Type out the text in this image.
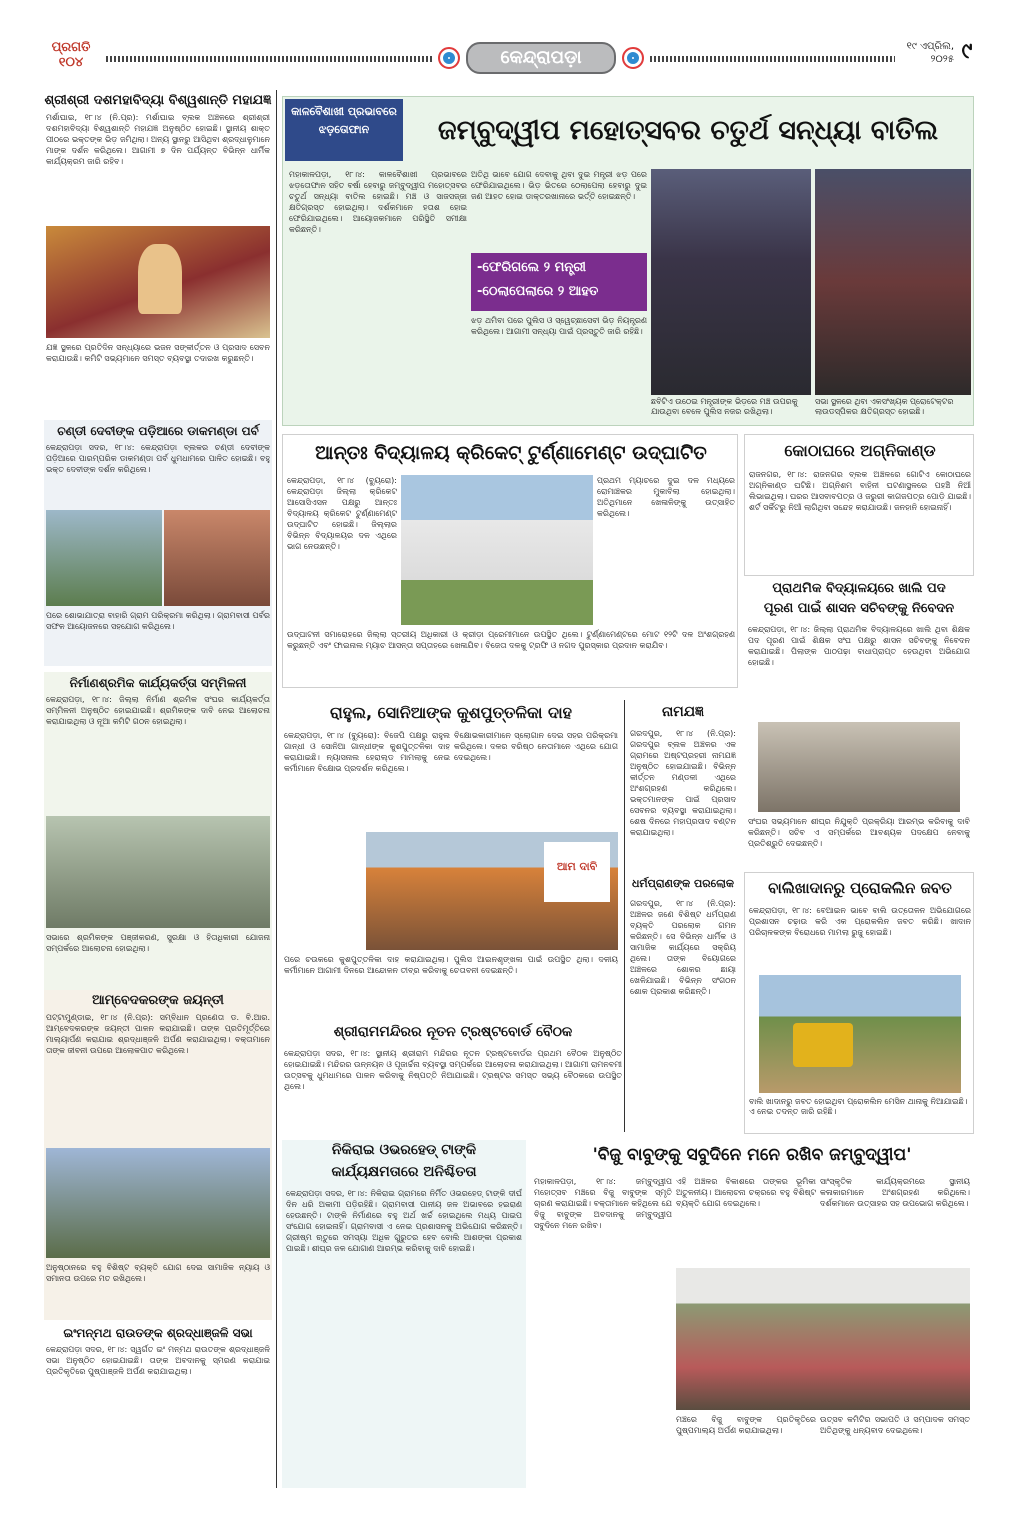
ପ୍ରଗତି ୧୦୪	କେନ୍ଦ୍ରାପଡ଼ା
୧୯ ଏପ୍ରିଲ,
୨୦୨୫ ୯
ଶ୍ରୀଶ୍ରୀ ଦଶମହାବିଦ୍ୟା ବିଶ୍ୱଶାନ୍ତି ମହାଯଜ୍ଞ
ମର୍ଶାଘାଇ, ୧୮।୪ (ନି.ପ୍ର): ମର୍ଶାଘାଇ ବ୍ଲକ ଅଞ୍ଚଳରେ ଶ୍ରୀଶ୍ରୀ ଦଶମହାବିଦ୍ୟା ବିଶ୍ୱଶାନ୍ତି ମହାଯଜ୍ଞ ଅନୁଷ୍ଠିତ ହୋଇଛି। ସ୍ଥାନୀୟ ଶାକ୍ତ ପୀଠରେ ଭକ୍ତଙ୍କ ଭିଡ଼ ଜମିଥିଲା। ଅନ୍ୟ ସ୍ଥାନରୁ ଆସିଥିବା ଶ୍ରଦ୍ଧାଳୁମାନେ ମାଙ୍କ ଦର୍ଶନ କରିଥିଲେ। ଆଗାମୀ ୭ ଦିନ ପର୍ଯ୍ୟନ୍ତ ବିଭିନ୍ନ ଧାର୍ମିକ କାର୍ଯ୍ୟକ୍ରମ ଜାରି ରହିବ।
ଯଜ୍ଞ ସ୍ଥଳରେ ପ୍ରତିଦିନ ସନ୍ଧ୍ୟାରେ ଭଜନ ସଙ୍କୀର୍ତ୍ତନ ଓ ପ୍ରସାଦ ସେବନ କରାଯାଉଛି। କମିଟି ସଭ୍ୟମାନେ ସମସ୍ତ ବ୍ୟବସ୍ଥା ତଦାରଖ କରୁଛନ୍ତି।
ଚଣ୍ଡୀ ଦେବୀଙ୍କ ପଡ଼ିଆରେ ଡାକମଣ୍ଡା ପର୍ବ
କେନ୍ଦ୍ରାପଡ଼ା ସଦର, ୧୮।୪: କେନ୍ଦ୍ରାପଡ଼ା ବ୍ଲକର ଚଣ୍ଡୀ ଦେବୀଙ୍କ ପଡ଼ିଆରେ ପାରମ୍ପରିକ ଡାକମଣ୍ଡା ପର୍ବ ଧୁମଧାମରେ ପାଳିତ ହୋଇଛି। ବହୁ ଭକ୍ତ ଦେବୀଙ୍କ ଦର୍ଶନ କରିଥିଲେ।
ପରେ ଶୋଭାଯାତ୍ରା ବାହାରି ଗ୍ରାମ ପରିକ୍ରମା କରିଥିଲା। ଗ୍ରାମବାସୀ ପର୍ବର ସଫଳ ଆୟୋଜନରେ ସହଯୋଗ କରିଥିଲେ।
ନିର୍ମାଣଶ୍ରମିକ କାର୍ଯ୍ୟକର୍ତ୍ତା ସମ୍ମିଳନୀ
କେନ୍ଦ୍ରାପଡ଼ା, ୧୮।୪: ଜିଲ୍ଲା ନିର୍ମାଣ ଶ୍ରମିକ ସଂଘର କାର୍ଯ୍ୟକର୍ତ୍ତା ସମ୍ମିଳନୀ ଅନୁଷ୍ଠିତ ହୋଇଯାଇଛି। ଶ୍ରମିକଙ୍କ ଦାବି ନେଇ ଆଲୋଚନା କରାଯାଇଥିଲା ଓ ନୂଆ କମିଟି ଗଠନ ହୋଇଥିଲା।
ସଭାରେ ଶ୍ରମିକଙ୍କ ପଞ୍ଜୀକରଣ, ସୁରକ୍ଷା ଓ ହିତାଧିକାରୀ ଯୋଜନା ସମ୍ପର୍କରେ ଆଲୋଚନା ହୋଇଥିଲା।
ଆମ୍ବେଦକରଙ୍କ ଜୟନ୍ତୀ
ପଟ୍ଟାମୁଣ୍ଡାଇ, ୧୮।୪ (ନି.ପ୍ର): ସମ୍ବିଧାନ ପ୍ରଣେତା ଡ. ବି.ଆର. ଆମ୍ବେଦକରଙ୍କ ଜୟନ୍ତୀ ପାଳନ କରାଯାଇଛି। ତାଙ୍କ ପ୍ରତିମୂର୍ତ୍ତିରେ ମାଲ୍ୟାର୍ପଣ କରାଯାଇ ଶ୍ରଦ୍ଧାଞ୍ଜଳି ଅର୍ପଣ କରାଯାଇଥିଲା। ବକ୍ତାମାନେ ତାଙ୍କ ଜୀବନୀ ଉପରେ ଆଲୋକପାତ କରିଥିଲେ।
ଅନୁଷ୍ଠାନରେ ବହୁ ବିଶିଷ୍ଟ ବ୍ୟକ୍ତି ଯୋଗ ଦେଇ ସାମାଜିକ ନ୍ୟାୟ ଓ ସମାନତା ଉପରେ ମତ ରଖିଥିଲେ।
ଇଂମନ୍ମଥ ରାଉତଙ୍କ ଶ୍ରଦ୍ଧାଞ୍ଜଳି ସଭା
କେନ୍ଦ୍ରାପଡ଼ା ସଦର, ୧୮।୪: ସ୍ୱର୍ଗତ ଇଂ ମନ୍ମଥ ରାଉତଙ୍କ ଶ୍ରଦ୍ଧାଞ୍ଜଳି ସଭା ଅନୁଷ୍ଠିତ ହୋଇଯାଇଛି। ତାଙ୍କ ଅବଦାନକୁ ସ୍ମରଣ କରାଯାଇ ପ୍ରତିକୃତିରେ ପୁଷ୍ପାଞ୍ଜଳି ଅର୍ପଣ କରାଯାଇଥିଲା।
କାଳବୈଶାଖୀ ପ୍ରଭାବରେ ଝଡ଼ତୋଫାନ	ଜମ୍ବୁଦ୍ୱୀପ ମହୋତ୍ସବର ଚତୁର୍ଥ ସନ୍ଧ୍ୟା ବାତିଲ
ମହାକାଳପଡ଼ା, ୧୮।୪: କାଳବୈଶାଖୀ ପ୍ରଭାବରେ ଝଡ଼ତୋଫାନ ସହିତ ବର୍ଷା ହେବାରୁ ଜମ୍ବୁଦ୍ୱୀପ ମହୋତ୍ସବର ଚତୁର୍ଥ ସନ୍ଧ୍ୟା ବାତିଲ ହୋଇଛି। ମଞ୍ଚ ଓ ସାଜସଜ୍ଜା କ୍ଷତିଗ୍ରସ୍ତ ହୋଇଥିଲା। ଦର୍ଶକମାନେ ହତାଶ ହୋଇ ଫେରିଯାଇଥିଲେ। ଆୟୋଜକମାନେ ପରିସ୍ଥିତି ସମୀକ୍ଷା କରିଛନ୍ତି।
ଅତିଥି ଭାବେ ଯୋଗ ଦେବାକୁ ଥିବା ଦୁଇ ମନ୍ତ୍ରୀ ଝଡ଼ ପରେ ଫେରିଯାଇଥିଲେ। ଭିଡ଼ ଭିତରେ ଠେଲାପେଲା ହେବାରୁ ଦୁଇ ଜଣ ଆହତ ହୋଇ ଡାକ୍ତରଖାନାରେ ଭର୍ତ୍ତି ହୋଇଛନ୍ତି।
-ଫେରିଗଲେ ୨ ମନ୍ତ୍ରୀ
-ଠେଲାପେଲାରେ ୨ ଆହତ
ଝଡ଼ ଥମିବା ପରେ ପୁଲିସ ଓ ସ୍ୱେଚ୍ଛାସେବୀ ଭିଡ଼ ନିୟନ୍ତ୍ରଣ କରିଥିଲେ। ଆଗାମୀ ସନ୍ଧ୍ୟା ପାଇଁ ପ୍ରସ୍ତୁତି ଜାରି ରହିଛି।
ଛବିଟିଏ ଉଠେଇ ମନ୍ତ୍ରୀଙ୍କ ଭିଡ଼ରେ ମଞ୍ଚ ଉପରକୁ ଯାଉଥିବା ବେଳେ ପୁଲିସ ନଜର ରଖିଥିଲା।
ସଭା ସ୍ଥଳରେ ଥିବା ଏକସଂଖ୍ୟକ ପ୍ରୋଟେକ୍ଟର ଲାଉଡସ୍ପିକର କ୍ଷତିଗ୍ରସ୍ତ ହୋଇଛି।
ଆନ୍ତଃ ବିଦ୍ୟାଳୟ କ୍ରିକେଟ୍ ଟୁର୍ଣ୍ଣାମେଣ୍ଟ ଉଦ୍‌ଘାଟିତ
କେନ୍ଦ୍ରାପଡ଼ା, ୧୮।୪ (ବ୍ୟୁରୋ): କେନ୍ଦ୍ରାପଡ଼ା ଜିଲ୍ଲା କ୍ରିକେଟ ଆସୋସିଏସନ ପକ୍ଷରୁ ଆନ୍ତଃ ବିଦ୍ୟାଳୟ କ୍ରିକେଟ ଟୁର୍ଣ୍ଣାମେଣ୍ଟ ଉଦ୍‌ଘାଟିତ ହୋଇଛି। ଜିଲ୍ଲାର ବିଭିନ୍ନ ବିଦ୍ୟାଳୟର ଦଳ ଏଥିରେ ଭାଗ ନେଉଛନ୍ତି।
ପ୍ରଥମ ମ୍ୟାଚରେ ଦୁଇ ଦଳ ମଧ୍ୟରେ ରୋମାଞ୍ଚକର ମୁକାବିଲା ହୋଇଥିଲା। ଅତିଥିମାନେ ଖେଳାଳିଙ୍କୁ ଉତ୍ସାହିତ କରିଥିଲେ।
ଉଦ୍‌ଘାଟନୀ ସମାରୋହରେ ଜିଲ୍ଲା ସ୍ତରୀୟ ଅଧିକାରୀ ଓ କ୍ରୀଡ଼ା ପ୍ରେମୀମାନେ ଉପସ୍ଥିତ ଥିଲେ। ଟୁର୍ଣ୍ଣାମେଣ୍ଟରେ ମୋଟ ୧୨ଟି ଦଳ ଅଂଶଗ୍ରହଣ କରୁଛନ୍ତି ଏବଂ ଫାଇନାଲ ମ୍ୟାଚ ଆସନ୍ତା ସପ୍ତାହରେ ଖେଳାଯିବ। ବିଜେତା ଦଳକୁ ଟ୍ରଫି ଓ ନଗଦ ପୁରସ୍କାର ପ୍ରଦାନ କରାଯିବ।
କୋଠାଘରେ ଅଗ୍ନିକାଣ୍ଡ
ରାଜନଗର, ୧୮।୪: ରାଜନଗର ବ୍ଲକ ଅଞ୍ଚଳରେ ଗୋଟିଏ କୋଠାଘରେ ଅଗ୍ନିକାଣ୍ଡ ଘଟିଛି। ଅଗ୍ନିଶମ ବାହିନୀ ଘଟଣାସ୍ଥଳରେ ପହଞ୍ଚି ନିଆଁ ଲିଭାଇଥିଲା। ଘରର ଆସବାବପତ୍ର ଓ ଜରୁରୀ କାଗଜପତ୍ର ପୋଡ଼ି ଯାଇଛି। ଶର୍ଟ ସର୍କିଟରୁ ନିଆଁ ଲାଗିଥିବା ସନ୍ଦେହ କରାଯାଉଛି। ଜନହାନି ହୋଇନାହିଁ।
ପ୍ରାଥମିକ ବିଦ୍ୟାଳୟରେ ଖାଲି ପଦ
ପୂରଣ ପାଇଁ ଶାସନ ସଚିବଙ୍କୁ ନିବେଦନ
କେନ୍ଦ୍ରାପଡ଼ା, ୧୮।୪: ଜିଲ୍ଲା ପ୍ରାଥମିକ ବିଦ୍ୟାଳୟରେ ଖାଲି ଥିବା ଶିକ୍ଷକ ପଦ ପୂରଣ ପାଇଁ ଶିକ୍ଷକ ସଂଘ ପକ୍ଷରୁ ଶାସନ ସଚିବଙ୍କୁ ନିବେଦନ କରାଯାଇଛି। ପିଲାଙ୍କ ପାଠପଢ଼ା ବାଧାପ୍ରାପ୍ତ ହେଉଥିବା ଅଭିଯୋଗ ହୋଇଛି।
ସଂଘର ସଭ୍ୟମାନେ ଶୀଘ୍ର ନିଯୁକ୍ତି ପ୍ରକ୍ରିୟା ଆରମ୍ଭ କରିବାକୁ ଦାବି କରିଛନ୍ତି। ସଚିବ ଏ ସମ୍ପର୍କରେ ଆବଶ୍ୟକ ପଦକ୍ଷେପ ନେବାକୁ ପ୍ରତିଶ୍ରୁତି ଦେଇଛନ୍ତି।
ବାଲିଖାଦାନରୁ ପ୍ରୋକଲିନ ଜବତ
କେନ୍ଦ୍ରାପଡ଼ା, ୧୮।୪: ବେଆଇନ ଭାବେ ବାଲି ଉତ୍ତୋଳନ ଅଭିଯୋଗରେ ପ୍ରଶାସନ ଚଢ଼ାଉ କରି ଏକ ପ୍ରୋକଲିନ ଜବତ କରିଛି। ଖାଦାନ ପରିଚାଳକଙ୍କ ବିରୋଧରେ ମାମଲା ରୁଜୁ ହୋଇଛି।
ବାଲି ଖାଦାନରୁ ଜବତ ହୋଇଥିବା ପ୍ରୋକଲିନ ମେସିନ ଥାନାକୁ ନିଆଯାଇଛି। ଏ ନେଇ ତଦନ୍ତ ଜାରି ରହିଛି।
ରାହୁଲ, ସୋନିଆଙ୍କ କୁଶପୁତ୍ତଳିକା ଦାହ
କେନ୍ଦ୍ରାପଡ଼ା, ୧୮।୪ (ବ୍ୟୁରୋ): ବିଜେପି ପକ୍ଷରୁ ରାହୁଲ ଗାନ୍ଧୀ ଓ ସୋନିଆ ଗାନ୍ଧୀଙ୍କ କୁଶପୁତ୍ତଳିକା ଦାହ କରାଯାଇଛି। ନ୍ୟାସନାଲ ହେରାଲ୍ଡ ମାମଲାକୁ ନେଇ କର୍ମୀମାନେ ବିକ୍ଷୋଭ ପ୍ରଦର୍ଶନ କରିଥିଲେ।
ବିକ୍ଷୋଭକାରୀମାନେ ସ୍ଲୋଗାନ ଦେଇ ସହର ପରିକ୍ରମା କରିଥିଲେ। ଦଳର ବରିଷ୍ଠ ନେତାମାନେ ଏଥିରେ ଯୋଗ ଦେଇଥିଲେ।
ଆମ ଦାବି
ପରେ ଚଉକରେ କୁଶପୁତ୍ତଳିକା ଦାହ କରାଯାଇଥିଲା। ପୁଲିସ ଆଇନଶୃଙ୍ଖଳା ପାଇଁ ଉପସ୍ଥିତ ଥିଲା। ଦଳୀୟ କର୍ମୀମାନେ ଆଗାମୀ ଦିନରେ ଆନ୍ଦୋଳନ ତୀବ୍ର କରିବାକୁ ଚେତାବନୀ ଦେଇଛନ୍ତି।
ନାମଯଜ୍ଞ
ଗରଦପୁର, ୧୮।୪ (ନି.ପ୍ର): ଗରଦପୁର ବ୍ଲକ ଅଞ୍ଚଳର ଏକ ଗ୍ରାମରେ ଅଷ୍ଟପ୍ରହରୀ ନାମଯଜ୍ଞ ଅନୁଷ୍ଠିତ ହୋଇଯାଇଛି। ବିଭିନ୍ନ କୀର୍ତ୍ତନ ମଣ୍ଡଳୀ ଏଥିରେ ଅଂଶଗ୍ରହଣ କରିଥିଲେ। ଭକ୍ତମାନଙ୍କ ପାଇଁ ପ୍ରସାଦ ସେବନର ବ୍ୟବସ୍ଥା କରାଯାଇଥିଲା। ଶେଷ ଦିନରେ ମହାପ୍ରସାଦ ବଣ୍ଟନ କରାଯାଇଥିଲା।
ଧର୍ମପ୍ରାଣଙ୍କ ପରଲୋକ
ଗରଦପୁର, ୧୮।୪ (ନି.ପ୍ର): ଅଞ୍ଚଳର ଜଣେ ବିଶିଷ୍ଟ ଧର୍ମପ୍ରାଣ ବ୍ୟକ୍ତି ପରଲୋକ ଗମନ କରିଛନ୍ତି। ସେ ବିଭିନ୍ନ ଧାର୍ମିକ ଓ ସାମାଜିକ କାର୍ଯ୍ୟରେ ସକ୍ରିୟ ଥିଲେ। ତାଙ୍କ ବିୟୋଗରେ ଅଞ୍ଚଳରେ ଶୋକର ଛାୟା ଖେଳିଯାଇଛି। ବିଭିନ୍ନ ସଂଗଠନ ଶୋକ ପ୍ରକାଶ କରିଛନ୍ତି।
ଶ୍ରୀରାମମନ୍ଦିରର ନୂତନ ଟ୍ରଷ୍ଟବୋର୍ଡ ବୈଠକ
କେନ୍ଦ୍ରାପଡ଼ା ସଦର, ୧୮।୪: ସ୍ଥାନୀୟ ଶ୍ରୀରାମ ମନ୍ଦିରର ନୂତନ ଟ୍ରଷ୍ଟବୋର୍ଡର ପ୍ରଥମ ବୈଠକ ଅନୁଷ୍ଠିତ ହୋଇଯାଇଛି। ମନ୍ଦିରର ଉନ୍ନୟନ ଓ ପୂଜାର୍ଚ୍ଚନା ବ୍ୟବସ୍ଥା ସମ୍ପର୍କରେ ଆଲୋଚନା କରାଯାଇଥିଲା। ଆଗାମୀ ରାମନବମୀ ଉତ୍ସବକୁ ଧୁମଧାମରେ ପାଳନ କରିବାକୁ ନିଷ୍ପତ୍ତି ନିଆଯାଇଛି। ଟ୍ରଷ୍ଟର ସମସ୍ତ ସଭ୍ୟ ବୈଠକରେ ଉପସ୍ଥିତ ଥିଲେ।
ନିକିରାଇ ଓଭରହେଡ୍ ଟାଙ୍କି
କାର୍ଯ୍ୟକ୍ଷମତାରେ ଅନିଶ୍ଚିତତା
କେନ୍ଦ୍ରାପଡ଼ା ସଦର, ୧୮।୪: ନିକିରାଇ ଗ୍ରାମରେ ନିର୍ମିତ ଓଭରହେଡ୍ ଟାଙ୍କି ଦୀର୍ଘ ଦିନ ଧରି ଅକାମୀ ପଡ଼ିରହିଛି। ଗ୍ରାମବାସୀ ପାନୀୟ ଜଳ ଅଭାବରେ ହଇରାଣ ହେଉଛନ୍ତି। ଟାଙ୍କି ନିର୍ମାଣରେ ବହୁ ଅର୍ଥ ଖର୍ଚ୍ଚ ହୋଇଥିଲେ ମଧ୍ୟ ପାଇପ ସଂଯୋଗ ହୋଇନାହିଁ। ଗ୍ରାମବାସୀ ଏ ନେଇ ପ୍ରଶାସନକୁ ଅଭିଯୋଗ କରିଛନ୍ତି। ଗ୍ରୀଷ୍ମ ଋତୁରେ ସମସ୍ୟା ଅଧିକ ଗୁରୁତର ହେବ ବୋଲି ଆଶଙ୍କା ପ୍ରକାଶ ପାଇଛି। ଶୀଘ୍ର ଜଳ ଯୋଗାଣ ଆରମ୍ଭ କରିବାକୁ ଦାବି ହୋଇଛି।
'ବିଜୁ ବାବୁଙ୍କୁ ସବୁଦିନେ ମନେ ରଖିବ ଜମ୍ବୁଦ୍ୱୀପ'
ମହାକାଳପଡ଼ା, ୧୮।୪: ଜମ୍ବୁଦ୍ୱୀପ ମହୋତ୍ସବ ମଞ୍ଚରେ ବିଜୁ ବାବୁଙ୍କ ସ୍ମୃତି ଚାରଣ କରାଯାଇଛି। ବକ୍ତାମାନେ କହିଥିଲେ ଯେ ବିଜୁ ବାବୁଙ୍କ ଅବଦାନକୁ ଜମ୍ବୁଦ୍ୱୀପ ସବୁଦିନେ ମନେ ରଖିବ।
ଏହି ଅଞ୍ଚଳର ବିକାଶରେ ତାଙ୍କର ଭୂମିକା ଅତୁଳନୀୟ। ଆଲୋଚନା ଚକ୍ରରେ ବହୁ ବିଶିଷ୍ଟ ବ୍ୟକ୍ତି ଯୋଗ ଦେଇଥିଲେ।
ସାଂସ୍କୃତିକ କାର୍ଯ୍ୟକ୍ରମରେ ସ୍ଥାନୀୟ କଳାକାରମାନେ ଅଂଶଗ୍ରହଣ କରିଥିଲେ। ଦର୍ଶକମାନେ ଉତ୍ସାହର ସହ ଉପଭୋଗ କରିଥିଲେ।
ମଞ୍ଚରେ ବିଜୁ ବାବୁଙ୍କ ପ୍ରତିକୃତିରେ ପୁଷ୍ପମାଲ୍ୟ ଅର୍ପଣ କରାଯାଇଥିଲା।
ଉତ୍ସବ କମିଟିର ସଭାପତି ଓ ସମ୍ପାଦକ ସମସ୍ତ ଅତିଥିଙ୍କୁ ଧନ୍ୟବାଦ ଦେଇଥିଲେ।
